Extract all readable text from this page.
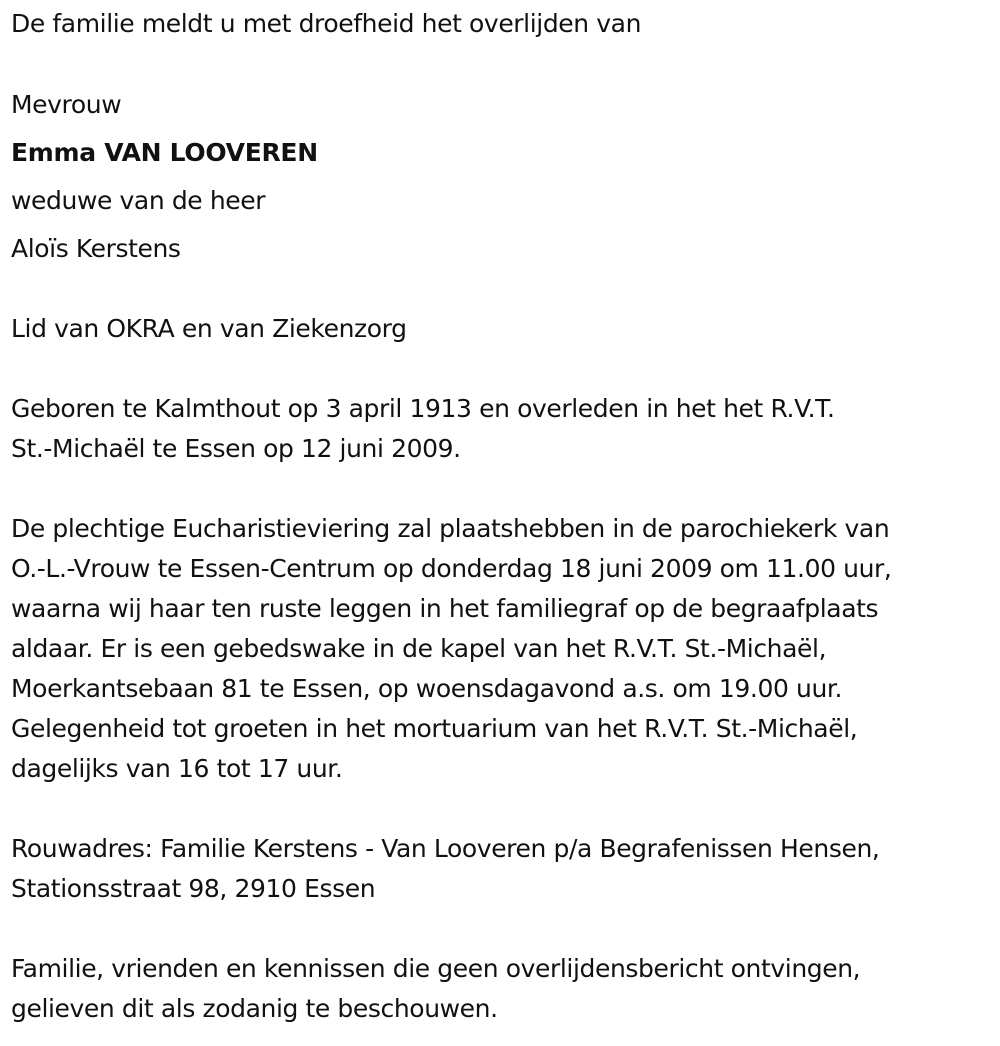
De familie meldt u met droefheid het overlijden van
Mevrouw
Emma VAN LOOVEREN
weduwe van de heer
Aloïs Kerstens
Lid van OKRA en van Ziekenzorg
Geboren te Kalmthout op 3 april 1913 en overleden in het het R.V.T.
St.-Michaël te Essen op 12 juni 2009.
De plechtige Eucharistieviering zal plaatshebben in de parochiekerk van
O.-L.-Vrouw te Essen-Centrum op donderdag 18 juni 2009 om 11.00 uur,
waarna wij haar ten ruste leggen in het familiegraf op de begraafplaats
aldaar. Er is een gebedswake in de kapel van het R.V.T. St.-Michaël,
Moerkantsebaan 81 te Essen, op woensdagavond a.s. om 19.00 uur.
Gelegenheid tot groeten in het mortuarium van het R.V.T. St.-Michaël,
dagelijks van 16 tot 17 uur.
Rouwadres: Familie Kerstens - Van Looveren p/a Begrafenissen Hensen,
Stationsstraat 98, 2910 Essen
Familie, vrienden en kennissen die geen overlijdensbericht ontvingen,
gelieven dit als zodanig te beschouwen.
